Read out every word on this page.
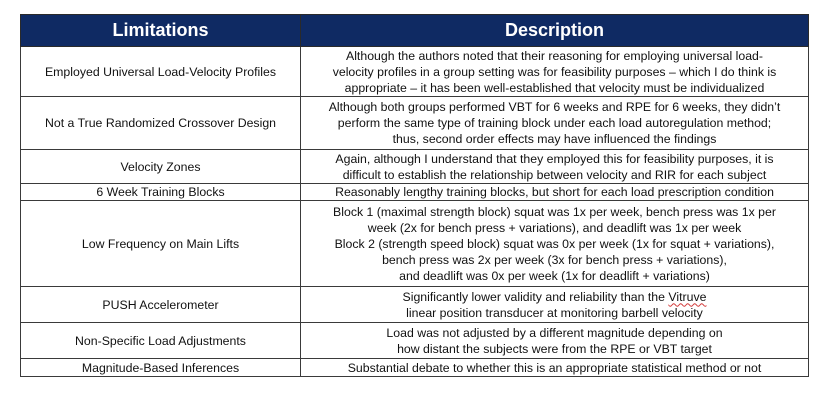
Limitations	Description
Employed Universal Load-Velocity Profiles	Although the authors noted that their reasoning for employing universal load-
velocity profiles in a group setting was for feasibility purposes – which I do think is
appropriate – it has been well-established that velocity must be individualized

Not a True Randomized Crossover Design	Although both groups performed VBT for 6 weeks and RPE for 6 weeks, they didn’t
perform the same type of training block under each load autoregulation method;
thus, second order effects may have influenced the findings

Velocity Zones	Again, although I understand that they employed this for feasibility purposes, it is
difficult to establish the relationship between velocity and RIR for each subject

6 Week Training Blocks	Reasonably lengthy training blocks, but short for each load prescription condition

Low Frequency on Main Lifts	Block 1 (maximal strength block) squat was 1x per week, bench press was 1x per
week (2x for bench press + variations), and deadlift was 1x per week
Block 2 (strength speed block) squat was 0x per week (1x for squat + variations),
bench press was 2x per week (3x for bench press + variations),
and deadlift was 0x per week (1x for deadlift + variations)

PUSH Accelerometer	Significantly lower validity and reliability than the Vitruve
linear position transducer at monitoring barbell velocity

Non-Specific Load Adjustments	Load was not adjusted by a different magnitude depending on
how distant the subjects were from the RPE or VBT target

Magnitude-Based Inferences	Substantial debate to whether this is an appropriate statistical method or not
